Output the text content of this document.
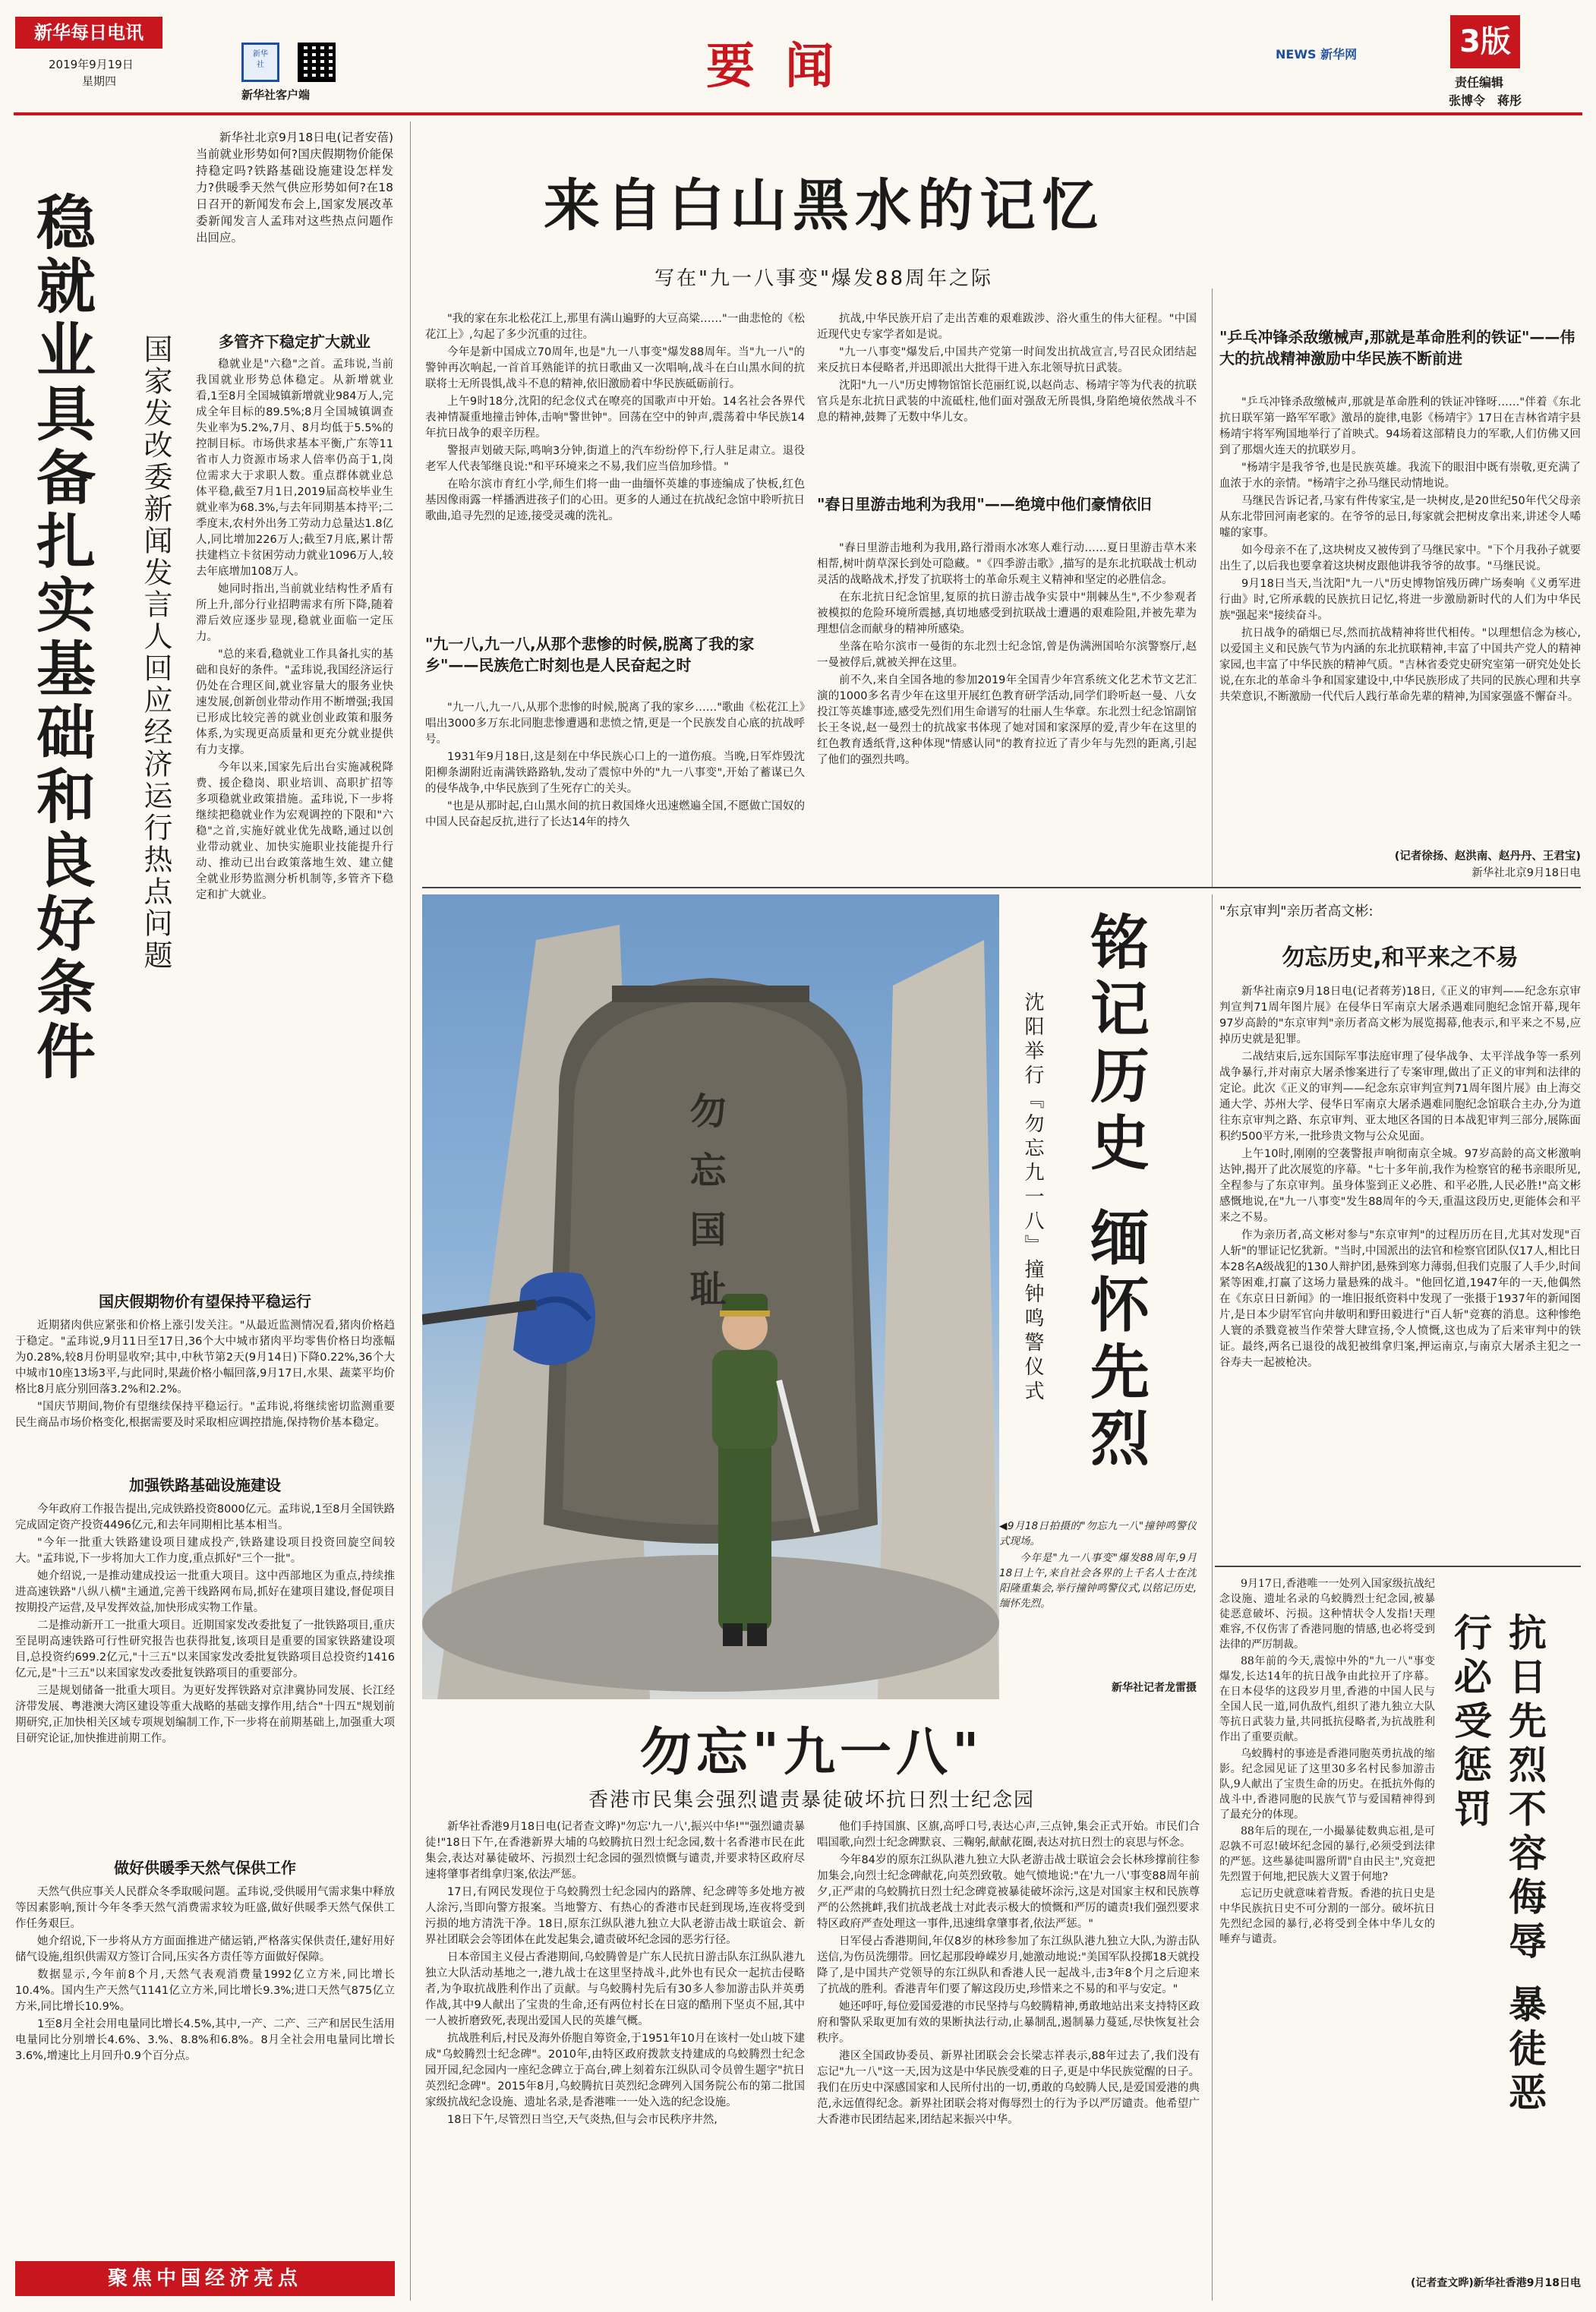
新华每日电讯
2019年9月19日
星期四
新华
社
新华社客户端	要闻	NEWS 新华网	3版
责任编辑
张博令　蒋彤
稳就业具备扎实基础和良好条件 国家发改委新闻发言人回应经济运行热点问题

新华社北京9月18日电(记者安蓓)当前就业形势如何?国庆假期物价能保持稳定吗?铁路基础设施建设怎样发力?供暖季天然气供应形势如何?在18日召开的新闻发布会上,国家发展改革委新闻发言人孟玮对这些热点问题作出回应。

多管齐下稳定扩大就业

稳就业是"六稳"之首。孟玮说,当前我国就业形势总体稳定。从新增就业看,1至8月全国城镇新增就业984万人,完成全年目标的89.5%;8月全国城镇调查失业率为5.2%,7月、8月均低于5.5%的控制目标。市场供求基本平衡,广东等11省市人力资源市场求人倍率仍高于1,岗位需求大于求职人数。重点群体就业总体平稳,截至7月1日,2019届高校毕业生就业率为68.3%,与去年同期基本持平;二季度末,农村外出务工劳动力总量达1.8亿人,同比增加226万人;截至7月底,累计帮扶建档立卡贫困劳动力就业1096万人,较去年底增加108万人。

她同时指出,当前就业结构性矛盾有所上升,部分行业招聘需求有所下降,随着滞后效应逐步显现,稳就业面临一定压力。

"总的来看,稳就业工作具备扎实的基础和良好的条件。"孟玮说,我国经济运行仍处在合理区间,就业容量大的服务业快速发展,创新创业带动作用不断增强;我国已形成比较完善的就业创业政策和服务体系,为实现更高质量和更充分就业提供有力支撑。

今年以来,国家先后出台实施减税降费、援企稳岗、职业培训、高职扩招等多项稳就业政策措施。孟玮说,下一步将继续把稳就业作为宏观调控的下限和"六稳"之首,实施好就业优先战略,通过以创业带动就业、加快实施职业技能提升行动、推动已出台政策落地生效、建立健全就业形势监测分析机制等,多管齐下稳定和扩大就业。

国庆假期物价有望保持平稳运行

近期猪肉供应紧张和价格上涨引发关注。"从最近监测情况看,猪肉价格趋于稳定。"孟玮说,9月11日至17日,36个大中城市猪肉平均零售价格日均涨幅为0.28%,较8月份明显收窄;其中,中秋节第2天(9月14日)下降0.22%,36个大中城市10座13场3平,与此同时,果蔬价格小幅回落,9月17日,水果、蔬菜平均价格比8月底分别回落3.2%和2.2%。

"国庆节期间,物价有望继续保持平稳运行。"孟玮说,将继续密切监测重要民生商品市场价格变化,根据需要及时采取相应调控措施,保持物价基本稳定。

加强铁路基础设施建设

今年政府工作报告提出,完成铁路投资8000亿元。孟玮说,1至8月全国铁路完成固定资产投资4496亿元,和去年同期相比基本相当。

"今年一批重大铁路建设项目建成投产,铁路建设项目投资回旋空间较大。"孟玮说,下一步将加大工作力度,重点抓好"三个一批"。

她介绍说,一是推动建成投运一批重大项目。这中西部地区为重点,持续推进高速铁路"八纵八横"主通道,完善干线路网布局,抓好在建项目建设,督促项目按期投产运营,及早发挥效益,加快形成实物工作量。

二是推动新开工一批重大项目。近期国家发改委批复了一批铁路项目,重庆至昆明高速铁路可行性研究报告也获得批复,该项目是重要的国家铁路建设项目,总投资约699.2亿元,"十三五"以来国家发改委批复铁路项目总投资约1416亿元,是"十三五"以来国家发改委批复铁路项目的重要部分。

三是规划储备一批重大项目。为更好发挥铁路对京津冀协同发展、长江经济带发展、粤港澳大湾区建设等重大战略的基础支撑作用,结合"十四五"规划前期研究,正加快相关区域专项规划编制工作,下一步将在前期基础上,加强重大项目研究论证,加快推进前期工作。

做好供暖季天然气保供工作

天然气供应事关人民群众冬季取暖问题。孟玮说,受供暖用气需求集中释放等因素影响,预计今年冬季天然气消费需求较为旺盛,做好供暖季天然气保供工作任务艰巨。

她介绍说,下一步将从方方面面推进产储运销,严格落实保供责任,建好用好储气设施,组织供需双方签订合同,压实各方责任等方面做好保障。

数据显示,今年前8个月,天然气表观消费量1992亿立方米,同比增长10.4%。国内生产天然气1141亿立方米,同比增长9.3%;进口天然气875亿立方米,同比增长10.9%。

1至8月全社会用电量同比增长4.5%,其中,一产、二产、三产和居民生活用电量同比分别增长4.6%、3.%、8.8%和6.8%。8月全社会用电量同比增长3.6%,增速比上月回升0.9个百分点。

聚焦中国经济亮点
来自白山黑水的记忆
写在"九一八事变"爆发88周年之际

"我的家在东北松花江上,那里有满山遍野的大豆高粱……"一曲悲怆的《松花江上》,勾起了多少沉重的过往。

今年是新中国成立70周年,也是"九一八事变"爆发88周年。当"九一八"的警钟再次响起,一首首耳熟能详的抗日歌曲又一次唱响,战斗在白山黑水间的抗联将士无所畏惧,战斗不息的精神,依旧激励着中华民族砥砺前行。

上午9时18分,沈阳的纪念仪式在嘹亮的国歌声中开始。14名社会各界代表神情凝重地撞击钟体,击响"警世钟"。回荡在空中的钟声,震荡着中华民族14年抗日战争的艰辛历程。

警报声划破天际,鸣响3分钟,街道上的汽车纷纷停下,行人驻足肃立。退役老军人代表邹继良说:"和平环境来之不易,我们应当倍加珍惜。"

在哈尔滨市育红小学,师生们将一曲一曲缅怀英雄的事迹编成了快板,红色基因像雨露一样播洒进孩子们的心田。更多的人通过在抗战纪念馆中聆听抗日歌曲,追寻先烈的足迹,接受灵魂的洗礼。

"九一八,九一八,从那个悲惨的时候,脱离了我的家乡"——民族危亡时刻也是人民奋起之时

"九一八,九一八,从那个悲惨的时候,脱离了我的家乡……"歌曲《松花江上》唱出3000多万东北同胞悲惨遭遇和悲愤之情,更是一个民族发自心底的抗战呼号。

1931年9月18日,这是刻在中华民族心口上的一道伤痕。当晚,日军炸毁沈阳柳条湖附近南满铁路路轨,发动了震惊中外的"九一八事变",开始了蓄谋已久的侵华战争,中华民族到了生死存亡的关头。

"也是从那时起,白山黑水间的抗日救国烽火迅速燃遍全国,不愿做亡国奴的中国人民奋起反抗,进行了长达14年的持久

抗战,中华民族开启了走出苦难的艰难跋涉、浴火重生的伟大征程。"中国近现代史专家学者如是说。

"九一八事变"爆发后,中国共产党第一时间发出抗战宣言,号召民众团结起来反抗日本侵略者,并迅即派出大批得干进入东北领导抗日武装。

沈阳"九一八"历史博物馆馆长范丽红说,以赵尚志、杨靖宇等为代表的抗联官兵是东北抗日武装的中流砥柱,他们面对强敌无所畏惧,身陷绝境依然战斗不息的精神,鼓舞了无数中华儿女。

"舂日里游击地利为我用"——绝境中他们豪情依旧

"舂日里游击地利为我用,路行滑雨水冰寒人难行动……夏日里游击草木来相帮,树叶荫草深长到处可隐藏。"《四季游击歌》,描写的是东北抗联战士机动灵活的战略战术,抒发了抗联将士的革命乐观主义精神和坚定的必胜信念。

在东北抗日纪念馆里,复原的抗日游击战争实景中"荆棘丛生",不少参观者被模拟的危险环境所震撼,真切地感受到抗联战士遭遇的艰难险阻,并被先辈为理想信念而献身的精神所感染。

坐落在哈尔滨市一曼街的东北烈士纪念馆,曾是伪满洲国哈尔滨警察厅,赵一曼被俘后,就被关押在这里。

前不久,来自全国各地的参加2019年全国青少年宫系统文化艺术节文艺汇演的1000多名青少年在这里开展红色教育研学活动,同学们聆听赵一曼、八女投江等英雄事迹,感受先烈们用生命谱写的壮丽人生华章。东北烈士纪念馆副馆长王冬说,赵一曼烈士的抗战家书体现了她对国和家深厚的爱,青少年在这里的红色教育透纸背,这种体现"情感认同"的教育拉近了青少年与先烈的距离,引起了他们的强烈共鸣。

"乒乓冲锋杀敌缴械声,那就是革命胜利的铁证"——伟大的抗战精神激励中华民族不断前进

"乒乓冲锋杀敌缴械声,那就是革命胜利的铁证冲锋呀……"伴着《东北抗日联军第一路军军歌》激昂的旋律,电影《杨靖宇》17日在吉林省靖宇县杨靖宇将军殉国地举行了首映式。94场着这部精良力的军歌,人们仿佛又回到了那烟火连天的抗联岁月。

"杨靖宇是我爷爷,也是民族英雄。我流下的眼泪中既有崇敬,更充满了血浓于水的亲情。"杨靖宇之孙马继民动情地说。

马继民告诉记者,马家有件传家宝,是一块树皮,是20世纪50年代父母亲从东北带回河南老家的。在爷爷的忌日,每家就会把树皮拿出来,讲述令人唏嘘的家事。

如今母亲不在了,这块树皮又被传到了马继民家中。"下个月我孙子就要出生了,以后我也要拿着这块树皮跟他讲我爷爷的故事。"马继民说。

9月18日当天,当沈阳"九一八"历史博物馆残历碑广场奏响《义勇军进行曲》时,它所承载的民族抗日记忆,将进一步激励新时代的人们为中华民族"强起来"接续奋斗。

抗日战争的硝烟已尽,然而抗战精神将世代相传。"以理想信念为核心,以爱国主义和民族气节为内涵的东北抗联精神,丰富了中国共产党人的精神家园,也丰富了中华民族的精神气质。"吉林省委党史研究室第一研究处处长说,在东北的革命斗争和国家建设中,中华民族形成了共同的民族心理和共享共荣意识,不断激励一代代后人践行革命先辈的精神,为国家强盛不懈奋斗。

(记者徐扬、赵洪南、赵丹丹、王君宝)
新华社北京9月18日电
勿忘国耻	铭记历史 缅怀先烈
沈阳举行『勿忘九一八』撞钟鸣警仪式

◀9月18日拍摄的"勿忘九一八"撞钟鸣警仪式现场。

今年是"九一八事变"爆发88周年,9月18日上午,来自社会各界的上千名人士在沈阳隆重集会,举行撞钟鸣警仪式,以铭记历史,缅怀先烈。

新华社记者龙雷摄
勿忘"九一八"
香港市民集会强烈谴责暴徒破坏抗日烈士纪念园

新华社香港9月18日电(记者查文晔)"勿忘'九一八',振兴中华!""强烈谴责暴徒!"18日下午,在香港新界大埔的乌蛟腾抗日烈士纪念园,数十名香港市民在此集会,表达对暴徒破坏、污损烈士纪念园的强烈愤慨与谴责,并要求特区政府尽速将肇事者缉拿归案,依法严惩。

17日,有网民发现位于乌蛟腾烈士纪念园内的路牌、纪念碑等多处地方被人涂污,当即向警方报案。当地警方、有热心的香港市民赶到现场,连夜将受到污损的地方清洗干净。18日,原东江纵队港九独立大队老游击战士联谊会、新界社团联会会等团体在此发起集会,谴责破坏纪念园的恶劣行径。

日本帝国主义侵占香港期间,乌蛟腾曾是广东人民抗日游击队东江纵队港九独立大队活动基地之一,港九战士在这里坚持战斗,此外也有民众一起抗击侵略者,为争取抗战胜利作出了贡献。与乌蛟腾村先后有30多人参加游击队并英勇作战,其中9人献出了宝贵的生命,还有两位村长在日寇的酷刑下坚贞不屈,其中一人被折磨致死,表现出爱国人民的英雄气概。

抗战胜利后,村民及海外侨胞自筹资金,于1951年10月在该村一处山坡下建成"乌蛟腾烈士纪念碑"。2010年,由特区政府拨款支持建成的乌蛟腾烈士纪念园开园,纪念园内一座纪念碑立于高台,碑上刻着东江纵队司令员曾生题字"抗日英烈纪念碑"。2015年8月,乌蛟腾抗日英烈纪念碑列入国务院公布的第二批国家级抗战纪念设施、遗址名录,是香港唯一一处入选的纪念设施。

18日下午,尽管烈日当空,天气炎热,但与会市民秩序井然,

他们手持国旗、区旗,高呼口号,表达心声,三点钟,集会正式开始。市民们合唱国歌,向烈士纪念碑默哀、三鞠躬,献献花圈,表达对抗日烈士的哀思与怀念。

今年84岁的原东江纵队港九独立大队老游击战士联谊会会长林珍撑前往参加集会,向烈士纪念碑献花,向英烈致敬。她气愤地说:"在'九一八'事变88周年前夕,正严肃的乌蛟腾抗日烈士纪念碑竟被暴徒破坏涂污,这是对国家主权和民族尊严的公然挑衅,我们抗战老战士对此表示极大的愤慨和严厉的谴责!我们强烈要求特区政府严查处理这一事件,迅速缉拿肇事者,依法严惩。"

日军侵占香港期间,年仅8岁的林珍参加了东江纵队港九独立大队,为游击队送信,为伤员洗绷带。回忆起那段峥嵘岁月,她激动地说:"美国军队投掷18天就投降了,是中国共产党领导的东江纵队和香港人民一起战斗,击3年8个月之后迎来了抗战的胜利。香港青年们要了解这段历史,珍惜来之不易的和平与安定。"

她还呼吁,每位爱国爱港的市民坚持与乌蛟腾精神,勇敢地站出来支持特区政府和警队采取更加有效的果断执法行动,止暴制乱,遏制暴力蔓延,尽快恢复社会秩序。

港区全国政协委员、新界社团联会会长梁志祥表示,88年过去了,我们没有忘记"九一八"这一天,因为这是中华民族受难的日子,更是中华民族觉醒的日子。我们在历史中深感国家和人民所付出的一切,勇敢的乌蛟腾人民,是爱国爱港的典范,永远值得纪念。新界社团联会将对侮辱烈士的行为予以严厉谴责。他希望广大香港市民团结起来,团结起来振兴中华。

"东京审判"亲历者高文彬:
勿忘历史,和平来之不易

新华社南京9月18日电(记者蒋芳)18日,《正义的审判——纪念东京审判宣判71周年图片展》在侵华日军南京大屠杀遇难同胞纪念馆开幕,现年97岁高龄的"东京审判"亲历者高文彬为展览揭幕,他表示,和平来之不易,应掉历史就是犯罪。

二战结束后,远东国际军事法庭审理了侵华战争、太平洋战争等一系列战争暴行,并对南京大屠杀惨案进行了专案审理,做出了正义的审判和法律的定论。此次《正义的审判——纪念东京审判宣判71周年图片展》由上海交通大学、苏州大学、侵华日军南京大屠杀遇难同胞纪念馆联合主办,分为道往东京审判之路、东京审判、亚太地区各国的日本战犯审判三部分,展陈面积约500平方米,一批珍贵文物与公众见面。

上午10时,刚刚的空袭警报声响彻南京全城。97岁高龄的高文彬激响达钟,揭开了此次展览的序幕。"七十多年前,我作为检察官的秘书亲眼所见,全程参与了东京审判。虽身体鉴到正义必胜、和平必胜,人民必胜!"高文彬感慨地说,在"九一八事变"发生88周年的今天,重温这段历史,更能体会和平来之不易。

作为亲历者,高文彬对参与"东京审判"的过程历历在目,尤其对发现"百人斩"的罪证记忆犹新。"当时,中国派出的法官和检察官团队仅17人,相比日本28名A级战犯的130人辩护团,悬殊到寒力薄弱,但我们克服了人手少,时间紧等困难,打赢了这场力量悬殊的战斗。"他回忆道,1947年的一天,他偶然在《东京日日新闻》的一堆旧报纸资料中发现了一张摄于1937年的新闻图片,是日本少尉军官向井敏明和野田毅进行"百人斩"竞赛的消息。这种惨绝人寰的杀戮竟被当作荣誉大肆宣扬,令人愤慨,这也成为了后来审判中的铁证。最终,两名已退役的战犯被缉拿归案,押运南京,与南京大屠杀主犯之一谷寿夫一起被枪决。

9月17日,香港唯一一处列入国家级抗战纪念设施、遗址名录的乌蛟腾烈士纪念园,被暴徒恶意破坏、污损。这种情状令人发指!天理难容,不仅伤害了香港同胞的情感,也必将受到法律的严厉制裁。

88年前的今天,震惊中外的"九一八"事变爆发,长达14年的抗日战争由此拉开了序幕。在日本侵华的这段岁月里,香港的中国人民与全国人民一道,同仇敌忾,组织了港九独立大队等抗日武装力量,共同抵抗侵略者,为抗战胜利作出了重要贡献。

乌蛟腾村的事迹是香港同胞英勇抗战的缩影。纪念园见证了这里30多名村民参加游击队,9人献出了宝贵生命的历史。在抵抗外侮的战斗中,香港同胞的民族气节与爱国精神得到了最充分的体现。

88年后的现在,一小撮暴徒数典忘祖,是可忍孰不可忍!破坏纪念园的暴行,必须受到法律的严惩。这些暴徒叫嚣所谓"自由民主",究竟把先烈置于何地,把民族大义置于何地?

忘记历史就意味着背叛。香港的抗日史是中华民族抗日史不可分割的一部分。破坏抗日先烈纪念园的暴行,必将受到全体中华儿女的唾弃与谴责。	抗日先烈不容侮辱 暴徒恶行必受惩罚
(记者查文晔)新华社香港9月18日电
